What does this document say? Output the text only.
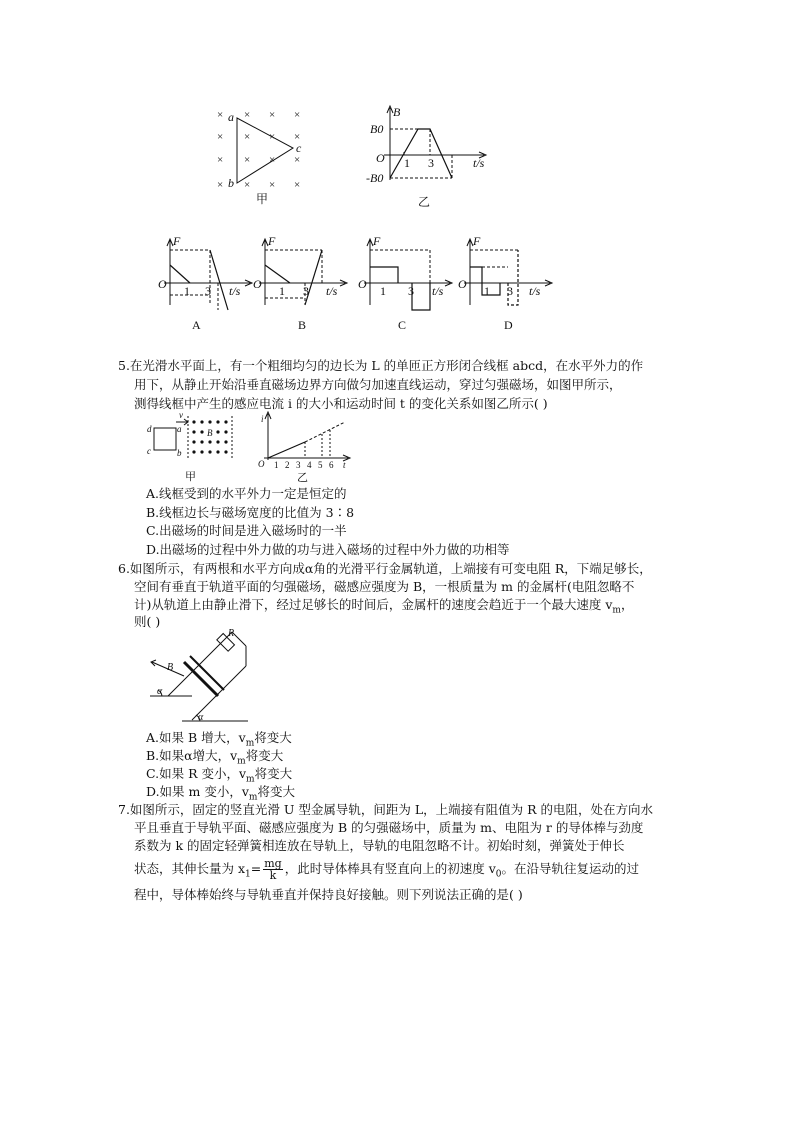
× × × ×
× × × ×
× × × ×
× × × ×
a
b
c
甲
B
B0
O
-B0
1 3	t/s
乙
F
O 1 3 t/s
A
F
O 1 3 t/s
B
F
O 1 3 t/s
C
F
O 1 3 t/s
D
5.在光滑水平面上，有一个粗细均匀的边长为 L 的单匝正方形闭合线框 abcd，在水平外力的作
用下，从静止开始沿垂直磁场边界方向做匀加速直线运动，穿过匀强磁场，如图甲所示，
测得线框中产生的感应电流 i 的大小和运动时间 t 的变化关系如图乙所示( )
d	a
c	b
v
B
甲
i
O 1 2 3 4 5 6 t
乙
A.线框受到的水平外力一定是恒定的
B.线框边长与磁场宽度的比值为 3∶8
C.出磁场的时间是进入磁场时的一半
D.出磁场的过程中外力做的功与进入磁场的过程中外力做的功相等
6.如图所示，有两根和水平方向成α角的光滑平行金属轨道，上端接有可变电阻 R，下端足够长，
空间有垂直于轨道平面的匀强磁场，磁感应强度为 B，一根质量为 m 的金属杆(电阻忽略不
计)从轨道上由静止滑下，经过足够长的时间后，金属杆的速度会趋近于一个最大速度 $v_m$，
则( )
R
B
α
α
A.如果 B 增大，$v_m$将变大
B.如果α增大，$v_m$将变大
C.如果 R 变小，$v_m$将变大
D.如果 m 变小，$v_m$将变大
7.如图所示，固定的竖直光滑 U 型金属导轨，间距为 L，上端接有阻值为 R 的电阻，处在方向水
平且垂直于导轨平面、磁感应强度为 B 的匀强磁场中，质量为 m、电阻为 r 的导体棒与劲度
系数为 k 的固定轻弹簧相连放在导轨上，导轨的电阻忽略不计。初始时刻，弹簧处于伸长
状态，其伸长量为 $x_1= \frac{mg}{k}$ ，此时导体棒具有竖直向上的初速度 $v_0$。在沿导轨往复运动的过
程中，导体棒始终与导轨垂直并保持良好接触。则下列说法正确的是( )
